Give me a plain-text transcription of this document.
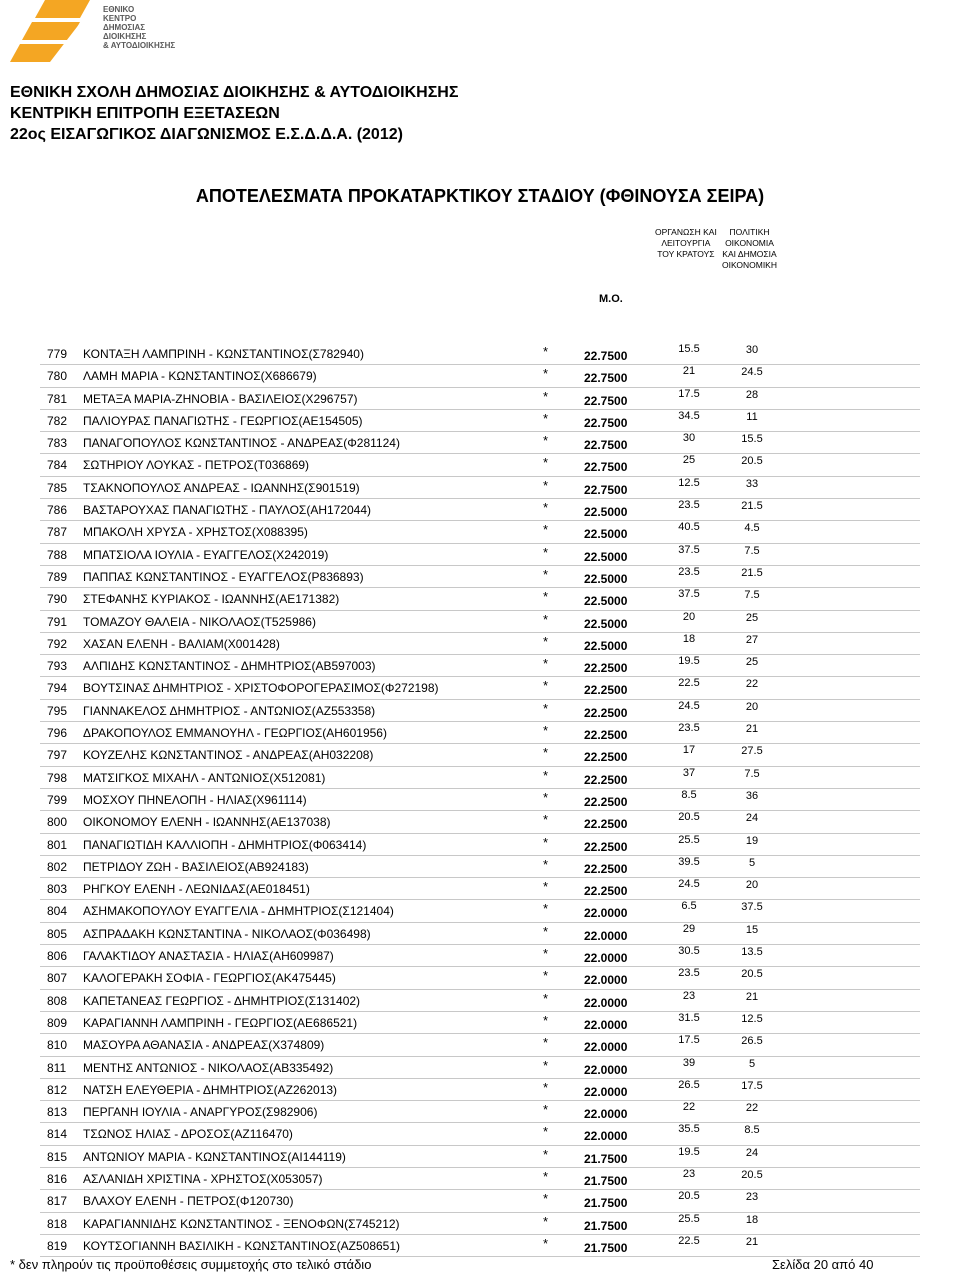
ΕΘΝΙΚΟ
ΚΕΝΤΡΟ
ΔΗΜΟΣΙΑΣ
ΔΙΟΙΚΗΣΗΣ
& ΑΥΤΟΔΙΟΙΚΗΣΗΣ
ΕΘΝΙΚΗ ΣΧΟΛΗ ΔΗΜΟΣΙΑΣ ΔΙΟΙΚΗΣΗΣ & ΑΥΤΟΔΙΟΙΚΗΣΗΣ
ΚΕΝΤΡΙΚΗ ΕΠΙΤΡΟΠΗ ΕΞΕΤΑΣΕΩΝ
22ος ΕΙΣΑΓΩΓΙΚΟΣ ΔΙΑΓΩΝΙΣΜΟΣ Ε.Σ.Δ.Δ.Α. (2012)
ΑΠΟΤΕΛΕΣΜΑΤΑ ΠΡΟΚΑΤΑΡΚΤΙΚΟΥ ΣΤΑΔΙΟΥ (ΦΘΙΝΟΥΣΑ ΣΕΙΡΑ)
ΟΡΓΑΝΩΣΗ ΚΑΙ
ΛΕΙΤΟΥΡΓΙΑ
ΤΟΥ ΚΡΑΤΟΥΣ
ΠΟΛΙΤΙΚΗ
ΟΙΚΟΝΟΜΙΑ
ΚΑΙ ΔΗΜΟΣΙΑ
ΟΙΚΟΝΟΜΙΚΗ
Μ.Ο.
779 ΚΟΝΤΑΞΗ ΛΑΜΠΡΙΝΗ - ΚΩΝΣΤΑΝΤΙΝΟΣ(Σ782940)	*	22.7500	15.5	30
780 ΛΑΜΗ ΜΑΡΙΑ - ΚΩΝΣΤΑΝΤΙΝΟΣ(Χ686679)	*	22.7500	21	24.5
781 ΜΕΤΑΞΑ ΜΑΡΙΑ-ΖΗΝΟΒΙΑ - ΒΑΣΙΛΕΙΟΣ(Χ296757)	*	22.7500	17.5	28
782 ΠΑΛΙΟΥΡΑΣ ΠΑΝΑΓΙΩΤΗΣ - ΓΕΩΡΓΙΟΣ(ΑΕ154505)	*	22.7500	34.5	11
783 ΠΑΝΑΓΟΠΟΥΛΟΣ ΚΩΝΣΤΑΝΤΙΝΟΣ - ΑΝΔΡΕΑΣ(Φ281124)	*	22.7500	30	15.5
784 ΣΩΤΗΡΙΟΥ ΛΟΥΚΑΣ - ΠΕΤΡΟΣ(Τ036869)	*	22.7500	25	20.5
785 ΤΣΑΚΝΟΠΟΥΛΟΣ ΑΝΔΡΕΑΣ - ΙΩΑΝΝΗΣ(Σ901519)	*	22.7500	12.5	33
786 ΒΑΣΤΑΡΟΥΧΑΣ ΠΑΝΑΓΙΩΤΗΣ - ΠΑΥΛΟΣ(ΑΗ172044)	*	22.5000	23.5	21.5
787 ΜΠΑΚΟΛΗ ΧΡΥΣΑ - ΧΡΗΣΤΟΣ(Χ088395)	*	22.5000	40.5	4.5
788 ΜΠΑΤΣΙΟΛΑ ΙΟΥΛΙΑ - ΕΥΑΓΓΕΛΟΣ(Χ242019)	*	22.5000	37.5	7.5
789 ΠΑΠΠΑΣ ΚΩΝΣΤΑΝΤΙΝΟΣ - ΕΥΑΓΓΕΛΟΣ(Ρ836893)	*	22.5000	23.5	21.5
790 ΣΤΕΦΑΝΗΣ ΚΥΡΙΑΚΟΣ - ΙΩΑΝΝΗΣ(ΑΕ171382)	*	22.5000	37.5	7.5
791 ΤΟΜΑΖΟΥ ΘΑΛΕΙΑ - ΝΙΚΟΛΑΟΣ(Τ525986)	*	22.5000	20	25
792 ΧΑΣΑΝ ΕΛΕΝΗ - ΒΑΛΙΑΜ(Χ001428)	*	22.5000	18	27
793 ΑΛΠΙΔΗΣ ΚΩΝΣΤΑΝΤΙΝΟΣ - ΔΗΜΗΤΡΙΟΣ(ΑΒ597003)	*	22.2500	19.5	25
794 ΒΟΥΤΣΙΝΑΣ ΔΗΜΗΤΡΙΟΣ - ΧΡΙΣΤΟΦΟΡΟΓΕΡΑΣΙΜΟΣ(Φ272198)	*	22.2500	22.5	22
795 ΓΙΑΝΝΑΚΕΛΟΣ ΔΗΜΗΤΡΙΟΣ - ΑΝΤΩΝΙΟΣ(ΑΖ553358)	*	22.2500	24.5	20
796 ΔΡΑΚΟΠΟΥΛΟΣ ΕΜΜΑΝΟΥΗΛ - ΓΕΩΡΓΙΟΣ(ΑΗ601956)	*	22.2500	23.5	21
797 ΚΟΥΖΕΛΗΣ ΚΩΝΣΤΑΝΤΙΝΟΣ - ΑΝΔΡΕΑΣ(ΑΗ032208)	*	22.2500	17	27.5
798 ΜΑΤΣΙΓΚΟΣ ΜΙΧΑΗΛ - ΑΝΤΩΝΙΟΣ(Χ512081)	*	22.2500	37	7.5
799 ΜΟΣΧΟΥ ΠΗΝΕΛΟΠΗ - ΗΛΙΑΣ(Χ961114)	*	22.2500	8.5	36
800 ΟΙΚΟΝΟΜΟΥ ΕΛΕΝΗ - ΙΩΑΝΝΗΣ(ΑΕ137038)	*	22.2500	20.5	24
801 ΠΑΝΑΓΙΩΤΙΔΗ ΚΑΛΛΙΟΠΗ - ΔΗΜΗΤΡΙΟΣ(Φ063414)	*	22.2500	25.5	19
802 ΠΕΤΡΙΔΟΥ ΖΩΗ - ΒΑΣΙΛΕΙΟΣ(ΑΒ924183)	*	22.2500	39.5	5
803 ΡΗΓΚΟΥ ΕΛΕΝΗ - ΛΕΩΝΙΔΑΣ(ΑΕ018451)	*	22.2500	24.5	20
804 ΑΣΗΜΑΚΟΠΟΥΛΟΥ ΕΥΑΓΓΕΛΙΑ - ΔΗΜΗΤΡΙΟΣ(Σ121404)	*	22.0000	6.5	37.5
805 ΑΣΠΡΑΔΑΚΗ ΚΩΝΣΤΑΝΤΙΝΑ - ΝΙΚΟΛΑΟΣ(Φ036498)	*	22.0000	29	15
806 ΓΑΛΑΚΤΙΔΟΥ ΑΝΑΣΤΑΣΙΑ - ΗΛΙΑΣ(ΑΗ609987)	*	22.0000	30.5	13.5
807 ΚΑΛΟΓΕΡΑΚΗ ΣΟΦΙΑ - ΓΕΩΡΓΙΟΣ(ΑΚ475445)	*	22.0000	23.5	20.5
808 ΚΑΠΕΤΑΝΕΑΣ ΓΕΩΡΓΙΟΣ - ΔΗΜΗΤΡΙΟΣ(Σ131402)	*	22.0000	23	21
809 ΚΑΡΑΓΙΑΝΝΗ ΛΑΜΠΡΙΝΗ - ΓΕΩΡΓΙΟΣ(ΑΕ686521)	*	22.0000	31.5	12.5
810 ΜΑΣΟΥΡΑ ΑΘΑΝΑΣΙΑ - ΑΝΔΡΕΑΣ(Χ374809)	*	22.0000	17.5	26.5
811 ΜΕΝΤΗΣ ΑΝΤΩΝΙΟΣ - ΝΙΚΟΛΑΟΣ(ΑΒ335492)	*	22.0000	39	5
812 ΝΑΤΣΗ ΕΛΕΥΘΕΡΙΑ - ΔΗΜΗΤΡΙΟΣ(ΑΖ262013)	*	22.0000	26.5	17.5
813 ΠΕΡΓΑΝΗ ΙΟΥΛΙΑ - ΑΝΑΡΓΥΡΟΣ(Σ982906)	*	22.0000	22	22
814 ΤΣΩΝΟΣ ΗΛΙΑΣ - ΔΡΟΣΟΣ(ΑΖ116470)	*	22.0000	35.5	8.5
815 ΑΝΤΩΝΙΟΥ ΜΑΡΙΑ - ΚΩΝΣΤΑΝΤΙΝΟΣ(ΑΙ144119)	*	21.7500	19.5	24
816 ΑΣΛΑΝΙΔΗ ΧΡΙΣΤΙΝΑ - ΧΡΗΣΤΟΣ(Χ053057)	*	21.7500	23	20.5
817 ΒΛΑΧΟΥ ΕΛΕΝΗ - ΠΕΤΡΟΣ(Φ120730)	*	21.7500	20.5	23
818 ΚΑΡΑΓΙΑΝΝΙΔΗΣ ΚΩΝΣΤΑΝΤΙΝΟΣ - ΞΕΝΟΦΩΝ(Σ745212)	*	21.7500	25.5	18
819 ΚΟΥΤΣΟΓΙΑΝΝΗ ΒΑΣΙΛΙΚΗ - ΚΩΝΣΤΑΝΤΙΝΟΣ(ΑΖ508651)	*	21.7500	22.5	21
* δεν πληρούν τις προϋποθέσεις συμμετοχής στο τελικό στάδιο	Σελίδα 20 από 40
